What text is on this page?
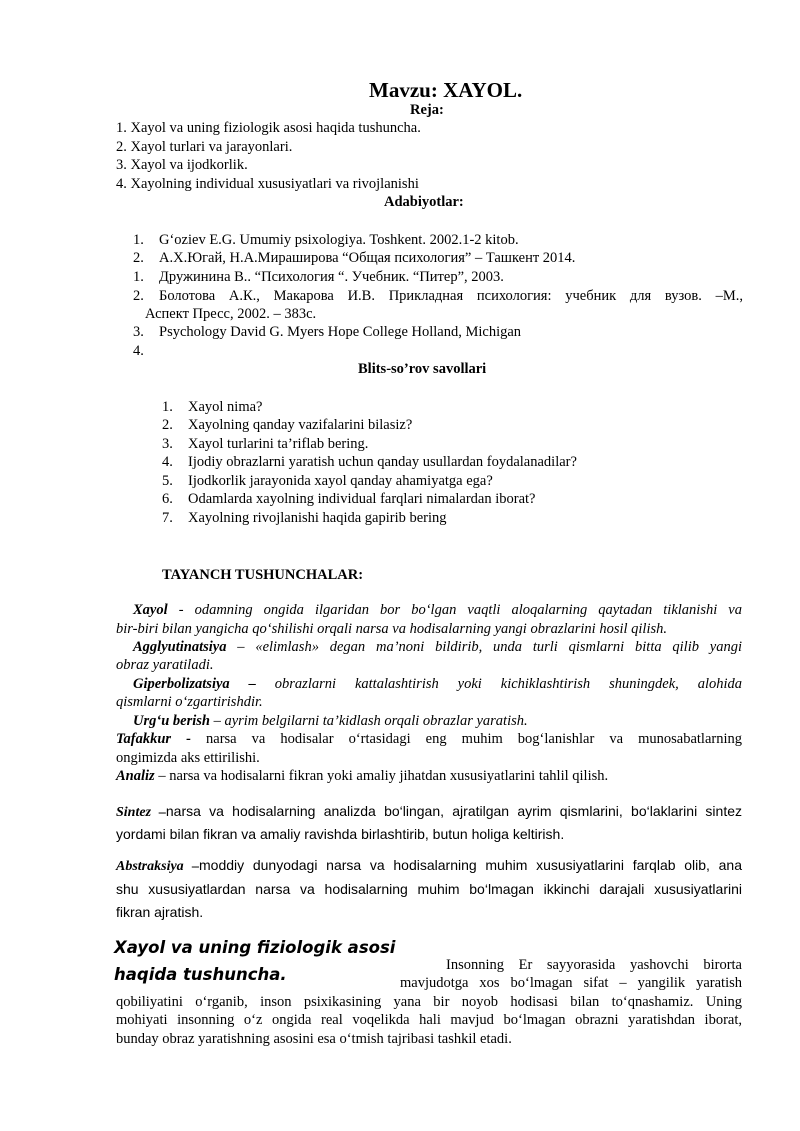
Mavzu: XAYOL.
Reja:
1. Xayol va uning fiziologik asosi haqida tushuncha.
2. Xayol turlari va jarayonlari.
3. Xayol va ijodkorlik.
4. Xayolning individual xususiyatlari va rivojlanishi
Adabiyotlar:
1. G‘oziev E.G. Umumiy psixologiya. Toshkent. 2002.1-2 kitob.
2. А.Х.Югай, Н.А.Мираширова “Общая психология” – Ташкент 2014.
1. Дружинина В.. “Психология “. Учебник. “Питер”, 2003.
2.	Болотова А.К., Макарова И.В. Прикладная психология: учебник для вузов. –М.,
Аспект Пресс, 2002. – 383с.
3. Psychology David G. Myers Hope College Holland, Michigan
4.
Blits-so’rov savollari
1. Xayol nima?
2. Xayolning qanday vazifalarini bilasiz?
3. Xayol turlarini ta’riflab bering.
4. Ijodiy obrazlarni yaratish uchun qanday usullardan foydalanadilar?
5. Ijodkorlik jarayonida xayol qanday ahamiyatga ega?
6. Odamlarda xayolning individual farqlari nimalardan iborat?
7. Xayolning rivojlanishi haqida gapirib bering
TAYANCH TUSHUNCHALAR:
Xayol - odamning ongida ilgaridan bor bo‘lgan vaqtli aloqalarning qaytadan tiklanishi va
bir-biri bilan yangicha qo‘shilishi orqali narsa va hodisalarning yangi obrazlarini hosil qilish.
Agglyutinatsiya – «elimlash» degan ma’noni bildirib, unda turli qismlarni bitta qilib yangi
obraz yaratiladi.
Giperbolizatsiya – obrazlarni kattalashtirish yoki kichiklashtirish shuningdek, alohida
qismlarni o‘zgartirishdir.
Urg‘u berish – ayrim belgilarni ta’kidlash orqali obrazlar yaratish.
Tafakkur - narsa va hodisalar o‘rtasidagi eng muhim bog‘lanishlar va munosabatlarning
ongimizda aks ettirilishi.
Analiz – narsa va hodisalarni fikran yoki amaliy jihatdan xususiyatlarini tahlil qilish.
Sintez –narsa va hodisalarning analizda bo‘lingan, ajratilgan ayrim qismlarini, bo‘laklarini sintez
yordami bilan fikran va amaliy ravishda birlashtirib, butun holiga keltirish.
Abstraksiya –moddiy dunyodagi narsa va hodisalarning muhim xususiyatlarini farqlab olib, ana
shu xususiyatlardan narsa va hodisalarning muhim bo‘lmagan ikkinchi darajali xususiyatlarini
fikran ajratish.
Xayol va uning fiziologik asosi
haqida tushuncha.	Insonning Er sayyorasida yashovchi birorta
mavjudotga xos bo‘lmagan sifat – yangilik yaratish
qobiliyatini o‘rganib, inson psixikasining yana bir noyob hodisasi bilan to‘qnashamiz. Uning
mohiyati insonning o‘z ongida real voqelikda hali mavjud bo‘lmagan obrazni yaratishdan iborat,
bunday obraz yaratishning asosini esa o‘tmish tajribasi tashkil etadi.
